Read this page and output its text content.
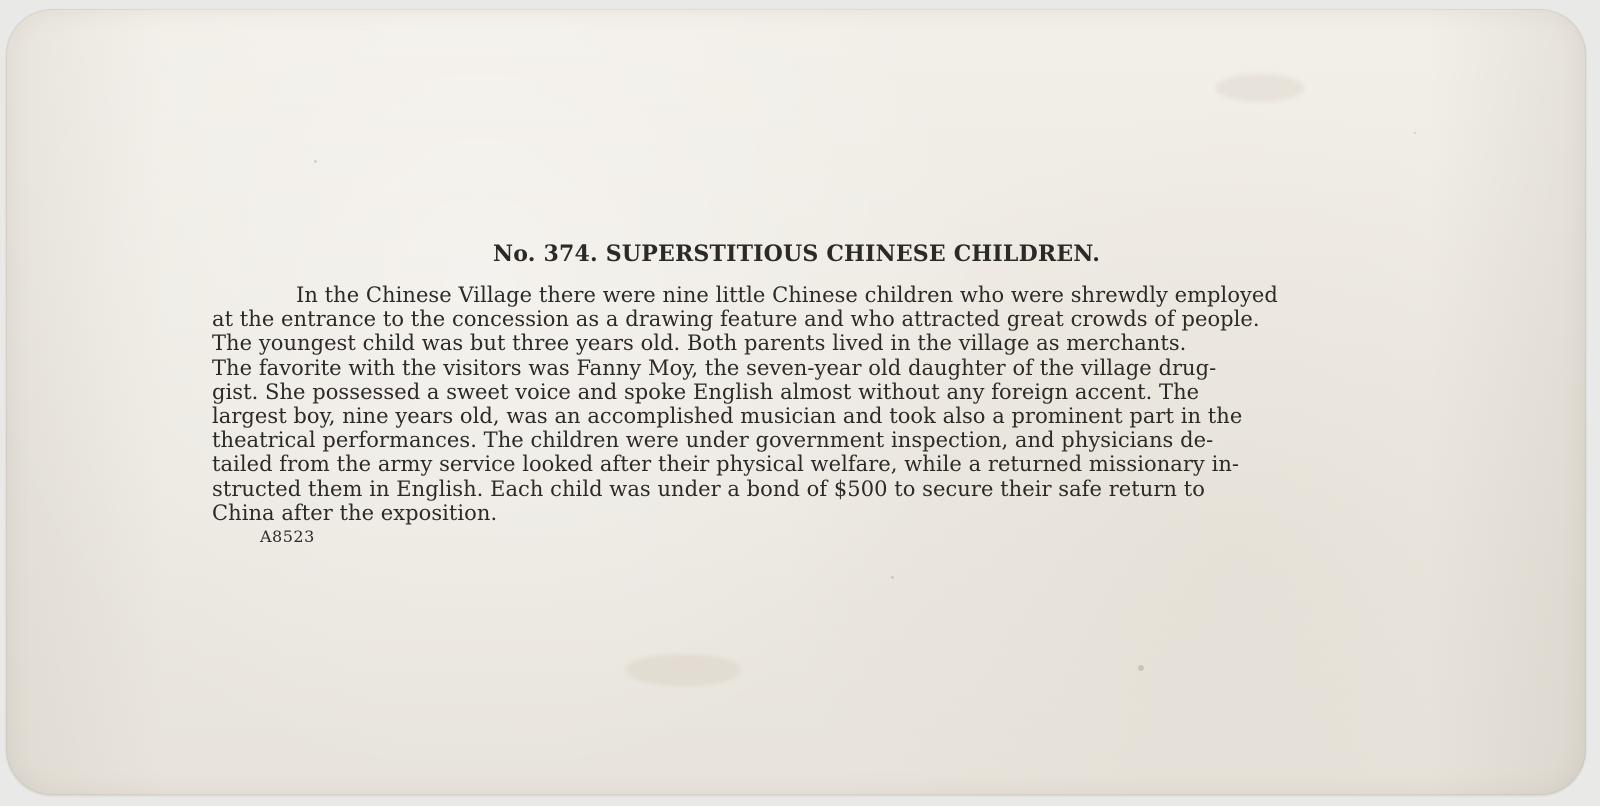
No. 374. SUPERSTITIOUS CHINESE CHILDREN.
In the Chinese Village there were nine little Chinese children who were shrewdly employed
at the entrance to the concession as a drawing feature and who attracted great crowds of people.
The youngest child was but three years old. Both parents lived in the village as merchants.
The favorite with the visitors was Fanny Moy, the seven-year old daughter of the village drug-
gist. She possessed a sweet voice and spoke English almost without any foreign accent. The
largest boy, nine years old, was an accomplished musician and took also a prominent part in the
theatrical performances. The children were under government inspection, and physicians de-
tailed from the army service looked after their physical welfare, while a returned missionary in-
structed them in English. Each child was under a bond of $500 to secure their safe return to
China after the exposition.
A8523
